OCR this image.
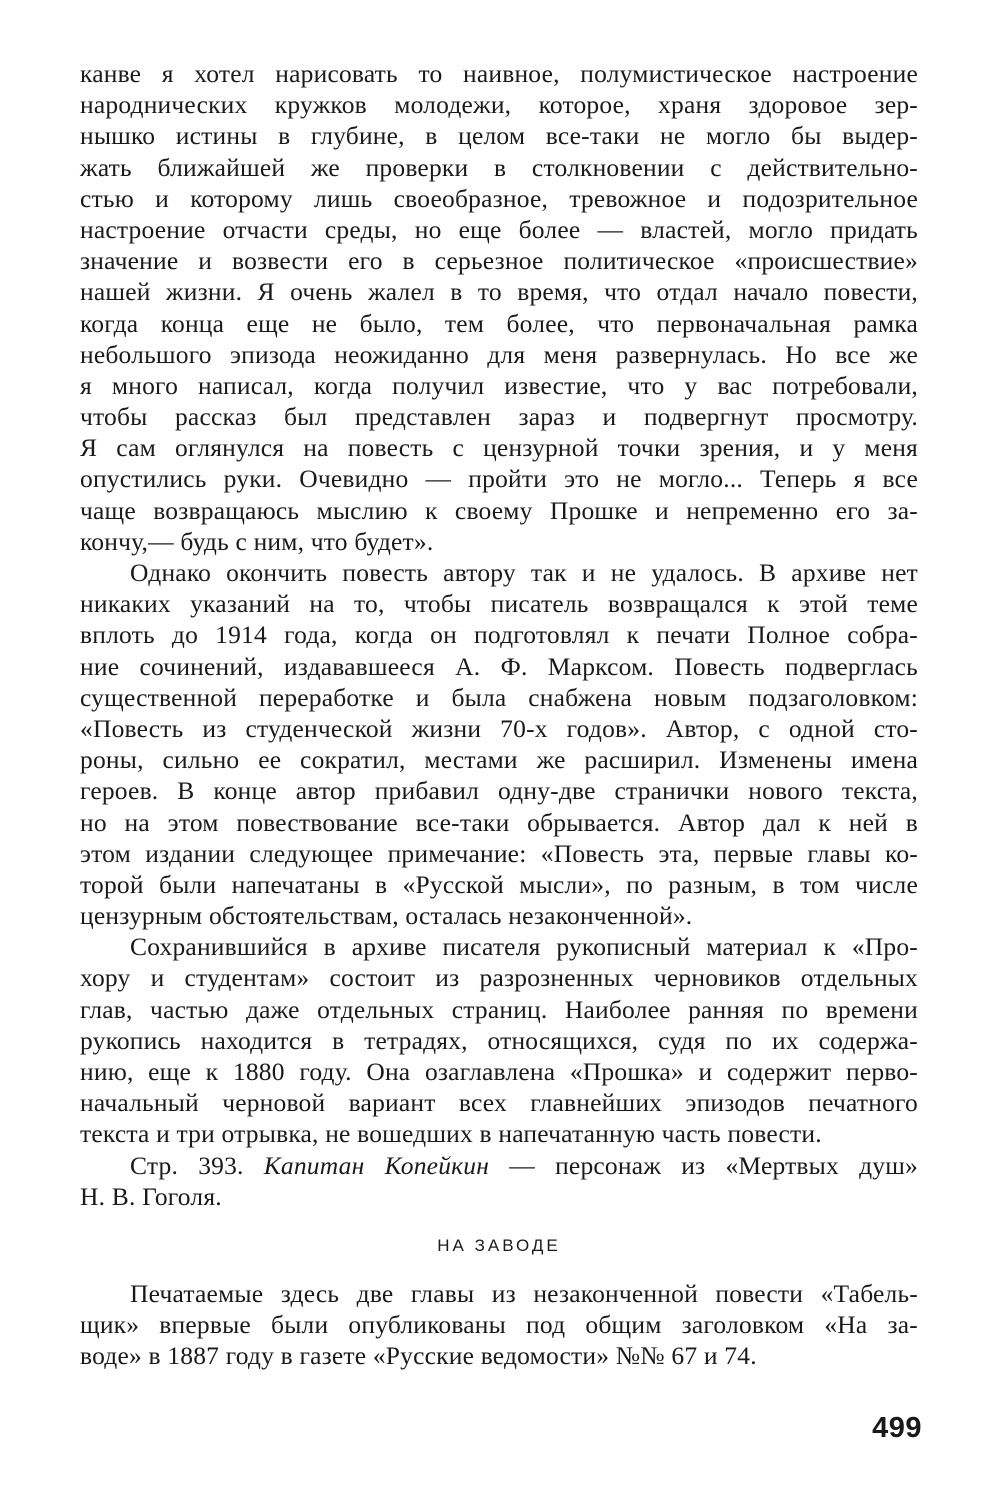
канве я хотел нарисовать то наивное, полумистическое настроение
народнических кружков молодежи, которое, храня здоровое зер-
нышко истины в глубине, в целом все-таки не могло бы выдер-
жать ближайшей же проверки в столкновении с действительно-
стью и которому лишь своеобразное, тревожное и подозрительное
настроение отчасти среды, но еще более — властей, могло придать
значение и возвести его в серьезное политическое «происшествие»
нашей жизни. Я очень жалел в то время, что отдал начало повести,
когда конца еще не было, тем более, что первоначальная рамка
небольшого эпизода неожиданно для меня развернулась. Но все же
я много написал, когда получил известие, что у вас потребовали,
чтобы рассказ был представлен зараз и подвергнут просмотру.
Я сам оглянулся на повесть с цензурной точки зрения, и у меня
опустились руки. Очевидно — пройти это не могло... Теперь я все
чаще возвращаюсь мыслию к своему Прошке и непременно его за-
кончу,— будь с ним, что будет».
Однако окончить повесть автору так и не удалось. В архиве нет
никаких указаний на то, чтобы писатель возвращался к этой теме
вплоть до 1914 года, когда он подготовлял к печати Полное собра-
ние сочинений, издававшееся А. Ф. Марксом. Повесть подверглась
существенной переработке и была снабжена новым подзаголовком:
«Повесть из студенческой жизни 70-х годов». Автор, с одной сто-
роны, сильно ее сократил, местами же расширил. Изменены имена
героев. В конце автор прибавил одну-две странички нового текста,
но на этом повествование все-таки обрывается. Автор дал к ней в
этом издании следующее примечание: «Повесть эта, первые главы ко-
торой были напечатаны в «Русской мысли», по разным, в том числе
цензурным обстоятельствам, осталась незаконченной».
Сохранившийся в архиве писателя рукописный материал к «Про-
хору и студентам» состоит из разрозненных черновиков отдельных
глав, частью даже отдельных страниц. Наиболее ранняя по времени
рукопись находится в тетрадях, относящихся, судя по их содержа-
нию, еще к 1880 году. Она озаглавлена «Прошка» и содержит перво-
начальный черновой вариант всех главнейших эпизодов печатного
текста и три отрывка, не вошедших в напечатанную часть повести.
Стр. 393. Капитан Копейкин — персонаж из «Мертвых душ»
Н. В. Гоголя.
НА ЗАВОДЕ
Печатаемые здесь две главы из незаконченной повести «Табель-
щик» впервые были опубликованы под общим заголовком «На за-
воде» в 1887 году в газете «Русские ведомости» №№ 67 и 74.
499
